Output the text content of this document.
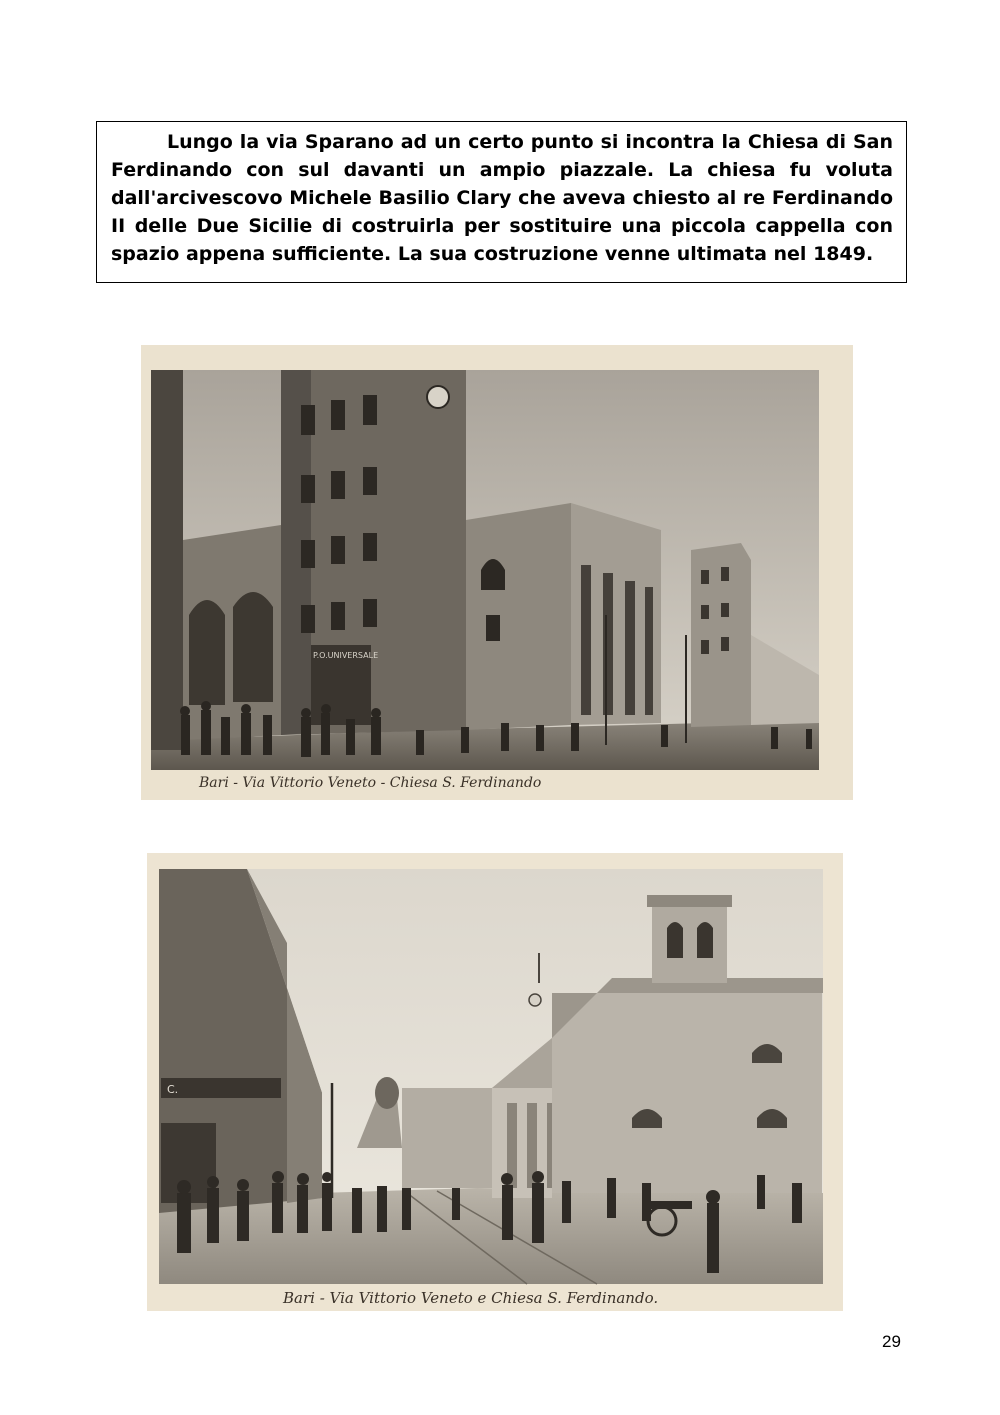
Lungo la via Sparano ad un certo punto si incontra la Chiesa di San Ferdinando con sul davanti un ampio piazzale. La chiesa fu voluta dall'arcivescovo Michele Basilio Clary che aveva chiesto al re Ferdinando II delle Due Sicilie di costruirla per sostituire una piccola cappella con spazio appena sufficiente. La sua costruzione venne ultimata nel 1849.

P.O.UNIVERSALE
Bari - Via Vittorio Veneto - Chiesa S. Ferdinando
C.
Bari - Via Vittorio Veneto e Chiesa S. Ferdinando.
29
